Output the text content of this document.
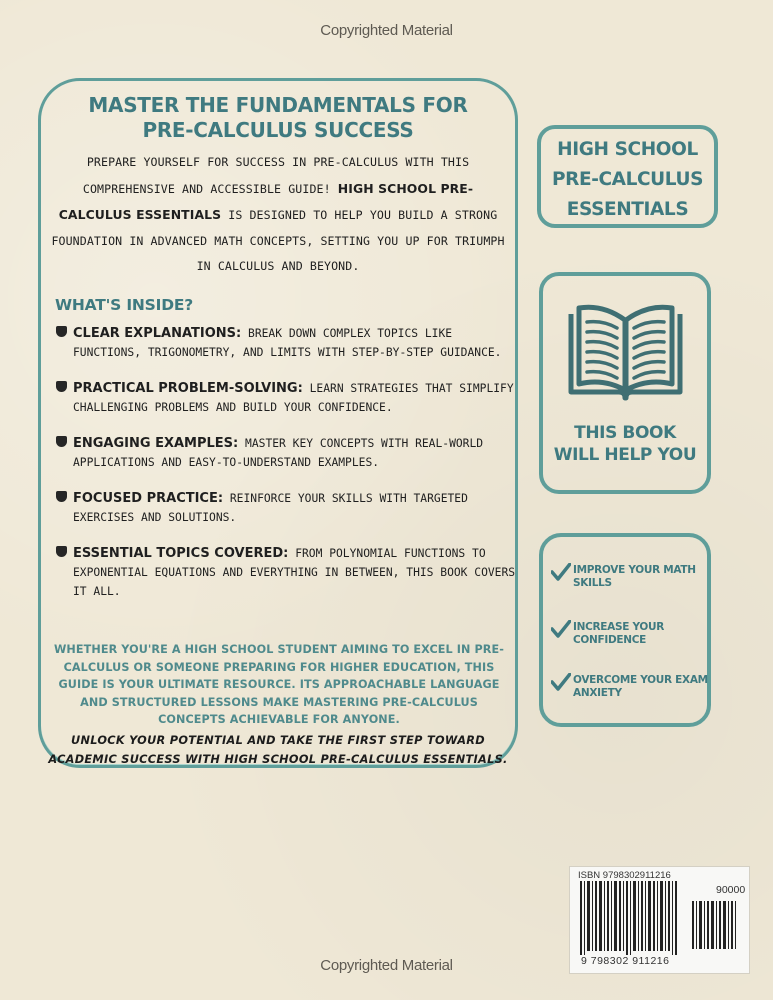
Copyrighted Material
MASTER THE FUNDAMENTALS FOR
PRE-CALCULUS SUCCESS
PREPARE YOURSELF FOR SUCCESS IN PRE-CALCULUS WITH THIS COMPREHENSIVE AND ACCESSIBLE GUIDE! HIGH SCHOOL PRE-CALCULUS ESSENTIALS IS DESIGNED TO HELP YOU BUILD A STRONG FOUNDATION IN ADVANCED MATH CONCEPTS, SETTING YOU UP FOR TRIUMPH IN CALCULUS AND BEYOND.
WHAT'S INSIDE?

CLEAR EXPLANATIONS: BREAK DOWN COMPLEX TOPICS LIKE FUNCTIONS, TRIGONOMETRY, AND LIMITS WITH STEP-BY-STEP GUIDANCE.

PRACTICAL PROBLEM-SOLVING: LEARN STRATEGIES THAT SIMPLIFY CHALLENGING PROBLEMS AND BUILD YOUR CONFIDENCE.

ENGAGING EXAMPLES: MASTER KEY CONCEPTS WITH REAL-WORLD APPLICATIONS AND EASY-TO-UNDERSTAND EXAMPLES.

FOCUSED PRACTICE: REINFORCE YOUR SKILLS WITH TARGETED EXERCISES AND SOLUTIONS.

ESSENTIAL TOPICS COVERED: FROM POLYNOMIAL FUNCTIONS TO EXPONENTIAL EQUATIONS AND EVERYTHING IN BETWEEN, THIS BOOK COVERS IT ALL.

WHETHER YOU'RE A HIGH SCHOOL STUDENT AIMING TO EXCEL IN PRE-CALCULUS OR SOMEONE PREPARING FOR HIGHER EDUCATION, THIS GUIDE IS YOUR ULTIMATE RESOURCE. ITS APPROACHABLE LANGUAGE AND STRUCTURED LESSONS MAKE MASTERING PRE-CALCULUS CONCEPTS ACHIEVABLE FOR ANYONE.
UNLOCK YOUR POTENTIAL AND TAKE THE FIRST STEP TOWARD ACADEMIC SUCCESS WITH HIGH SCHOOL PRE-CALCULUS ESSENTIALS.
HIGH SCHOOL
PRE-CALCULUS
ESSENTIALS
THIS BOOK
WILL HELP YOU
IMPROVE YOUR MATH
SKILLS
INCREASE YOUR
CONFIDENCE
OVERCOME YOUR EXAM
ANXIETY
ISBN 9798302911216
90000
9 798302 911216
Copyrighted Material
